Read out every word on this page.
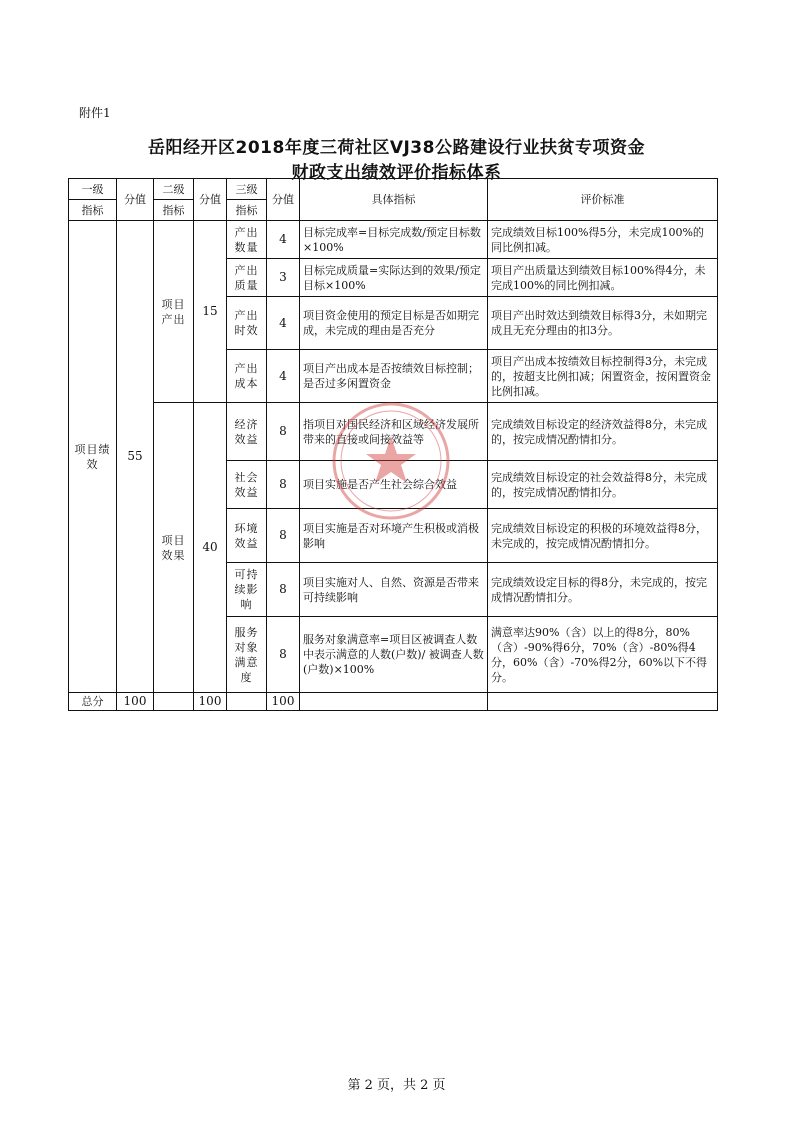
附件1
岳阳经开区2018年度三荷社区VJ38公路建设行业扶贫专项资金
财政支出绩效评价指标体系
一级	分值	二级	分值	三级	分值	具体指标	评价标准
指标		指标		指标			
项目绩效	55	项目产出	15	产出数量	4	目标完成率=目标完成数/预定目标数×100%	完成绩效目标100%得5分，未完成100%的同比例扣减。
				产出质量	3	目标完成质量=实际达到的效果/预定目标×100%	项目产出质量达到绩效目标100%得4分，未完成100%的同比例扣减。
				产出时效	4	项目资金使用的预定目标是否如期完成，未完成的理由是否充分	项目产出时效达到绩效目标得3分，未如期完成且无充分理由的扣3分。
				产出成本	4	项目产出成本是否按绩效目标控制；是否过多闲置资金	项目产出成本按绩效目标控制得3分，未完成的，按超支比例扣减；闲置资金，按闲置资金比例扣减。
		项目效果	40	经济效益	8	指项目对国民经济和区域经济发展所带来的直接或间接效益等	完成绩效目标设定的经济效益得8分，未完成的，按完成情况酌情扣分。
				社会效益	8	项目实施是否产生社会综合效益	完成绩效目标设定的社会效益得8分，未完成的，按完成情况酌情扣分。
				环境效益	8	项目实施是否对环境产生积极或消极影响	完成绩效目标设定的积极的环境效益得8分，未完成的，按完成情况酌情扣分。
				可持续影响	8	项目实施对人、自然、资源是否带来可持续影响	完成绩效设定目标的得8分，未完成的，按完成情况酌情扣分。
				服务对象满意度	8	服务对象满意率=项目区被调查人数中表示满意的人数(户数)/ 被调查人数(户数)×100%	满意率达90%（含）以上的得8分，80%（含）-90%得6分，70%（含）-80%得4分，60%（含）-70%得2分，60%以下不得分。
总分	100		100		100		
第 2 页，共 2 页
